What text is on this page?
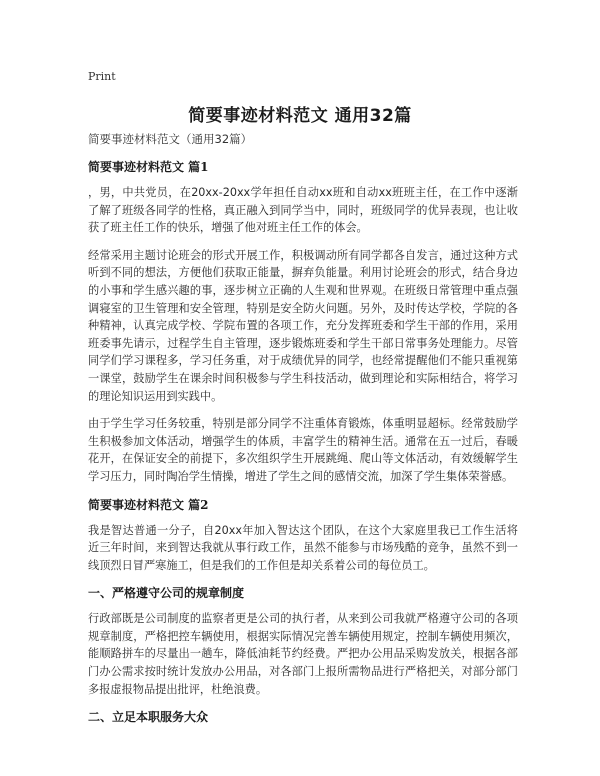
Print
简要事迹材料范文 通用32篇

简要事迹材料范文（通用32篇）

简要事迹材料范文 篇1

，男，中共党员，在20xx-20xx学年担任自动xx班和自动xx班班主任，在工作中逐渐了解了班级各同学的性格，真正融入到同学当中，同时，班级同学的优异表现，也让收获了班主任工作的快乐，增强了他对班主任工作的体会。

经常采用主题讨论班会的形式开展工作，积极调动所有同学都各自发言，通过这种方式听到不同的想法，方便他们获取正能量，摒弃负能量。利用讨论班会的形式，结合身边的小事和学生感兴趣的事，逐步树立正确的人生观和世界观。在班级日常管理中重点强调寝室的卫生管理和安全管理，特别是安全防火问题。另外，及时传达学校，学院的各种精神，认真完成学校、学院布置的各项工作，充分发挥班委和学生干部的作用，采用班委事先请示，过程学生自主管理，逐步锻炼班委和学生干部日常事务处理能力。尽管同学们学习课程多，学习任务重，对于成绩优异的同学，也经常提醒他们不能只重视第一课堂，鼓励学生在课余时间积极参与学生科技活动，做到理论和实际相结合，将学习的理论知识运用到实践中。

由于学生学习任务较重，特别是部分同学不注重体育锻炼，体重明显超标。经常鼓励学生积极参加文体活动，增强学生的体质，丰富学生的精神生活。通常在五一过后，春暖花开，在保证安全的前提下，多次组织学生开展跳绳、爬山等文体活动，有效缓解学生学习压力，同时陶冶学生情操，增进了学生之间的感情交流，加深了学生集体荣誉感。

简要事迹材料范文 篇2

我是智达普通一分子，自20xx年加入智达这个团队，在这个大家庭里我已工作生活将近三年时间，来到智达我就从事行政工作，虽然不能参与市场残酷的竞争，虽然不到一线顶烈日冒严寒施工，但是我们的工作但是却关系着公司的每位员工。

一、严格遵守公司的规章制度

行政部既是公司制度的监察者更是公司的执行者，从来到公司我就严格遵守公司的各项规章制度，严格把控车辆使用，根据实际情况完善车辆使用规定，控制车辆使用频次，能顺路拼车的尽量出一趟车，降低油耗节约经费。严把办公用品采购发放关，根据各部门办公需求按时统计发放办公用品，对各部门上报所需物品进行严格把关，对部分部门多报虚报物品提出批评，杜绝浪费。

二、立足本职服务大众
